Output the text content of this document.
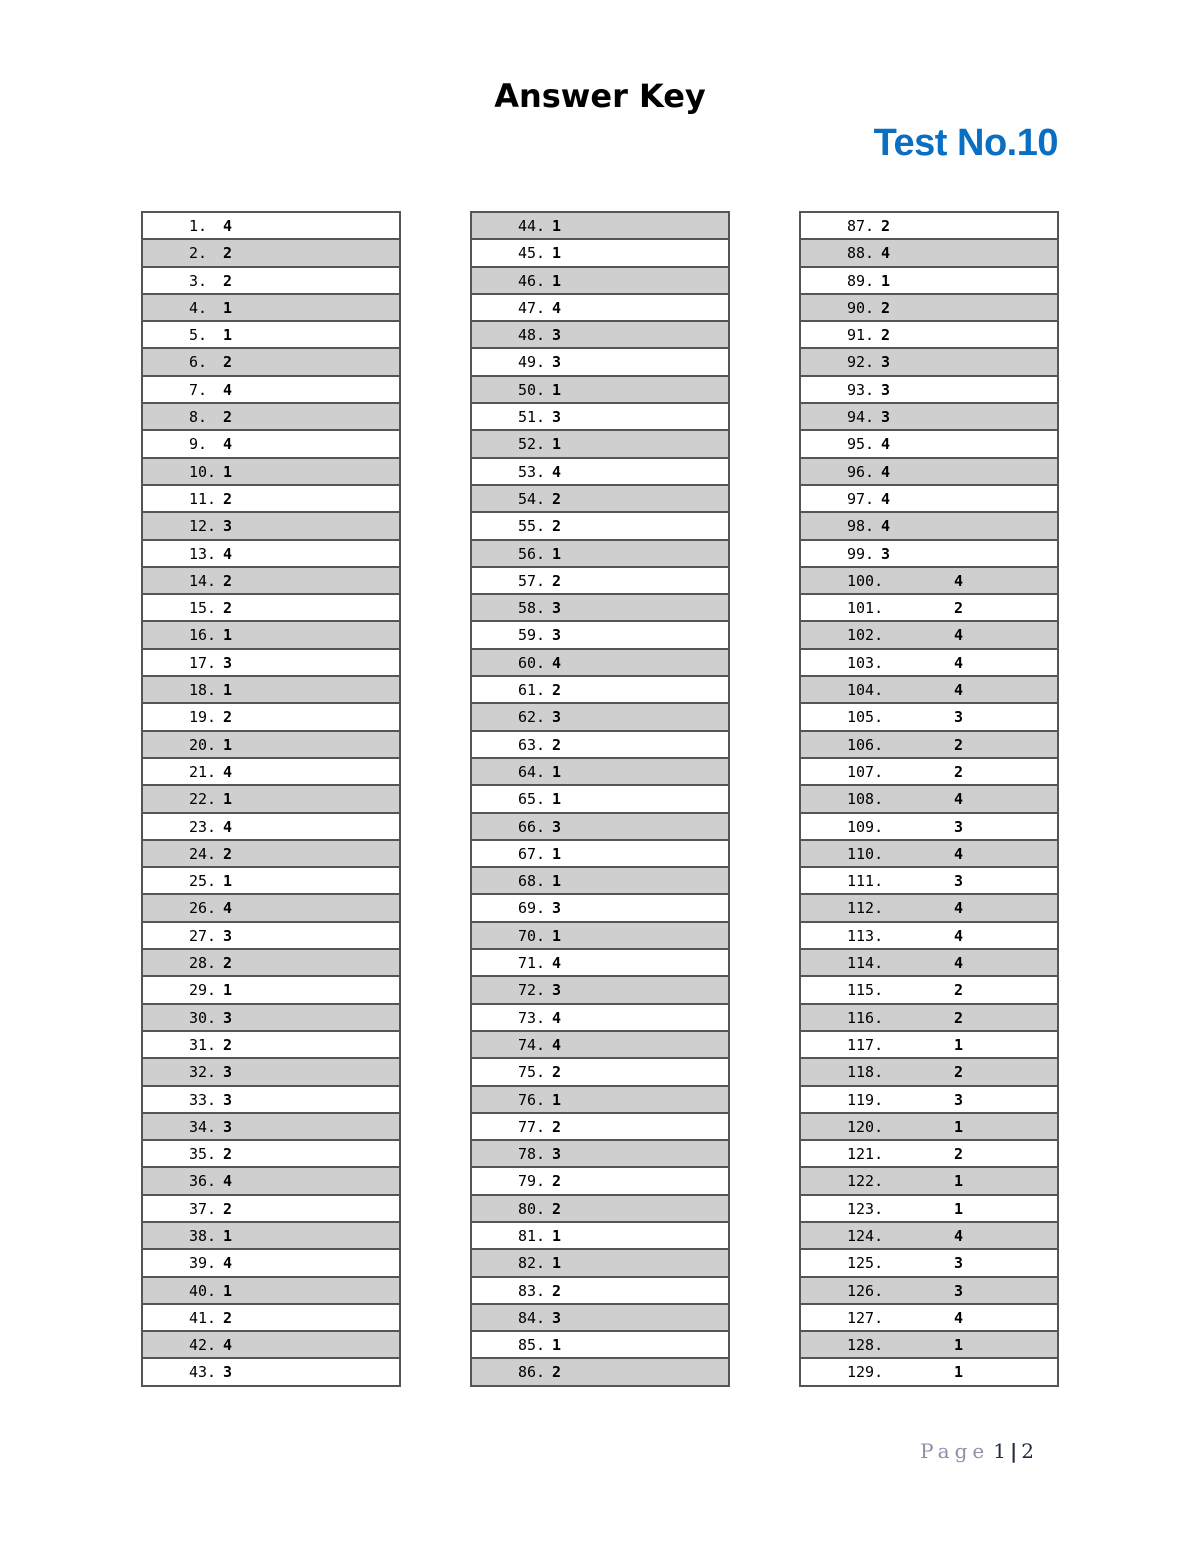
Answer Key
Test No.10
1. 4
2. 2
3. 2
4. 1
5. 1
6. 2
7. 4
8. 2
9. 4
10. 1
11. 2
12. 3
13. 4
14. 2
15. 2
16. 1
17. 3
18. 1
19. 2
20. 1
21. 4
22. 1
23. 4
24. 2
25. 1
26. 4
27. 3
28. 2
29. 1
30. 3
31. 2
32. 3
33. 3
34. 3
35. 2
36. 4
37. 2
38. 1
39. 4
40. 1
41. 2
42. 4
43. 3
44. 1
45. 1
46. 1
47. 4
48. 3
49. 3
50. 1
51. 3
52. 1
53. 4
54. 2
55. 2
56. 1
57. 2
58. 3
59. 3
60. 4
61. 2
62. 3
63. 2
64. 1
65. 1
66. 3
67. 1
68. 1
69. 3
70. 1
71. 4
72. 3
73. 4
74. 4
75. 2
76. 1
77. 2
78. 3
79. 2
80. 2
81. 1
82. 1
83. 2
84. 3
85. 1
86. 2
87. 2
88. 4
89. 1
90. 2
91. 2
92. 3
93. 3
94. 3
95. 4
96. 4
97. 4
98. 4
99. 3
100.	4
101.	2
102.	4
103.	4
104.	4
105.	3
106.	2
107.	2
108.	4
109.	3
110.	4
111.	3
112.	4
113.	4
114.	4
115.	2
116.	2
117.	1
118.	2
119.	3
120.	1
121.	2
122.	1
123.	1
124.	4
125.	3
126.	3
127.	4
128.	1
129.	1
Page 1 | 2
